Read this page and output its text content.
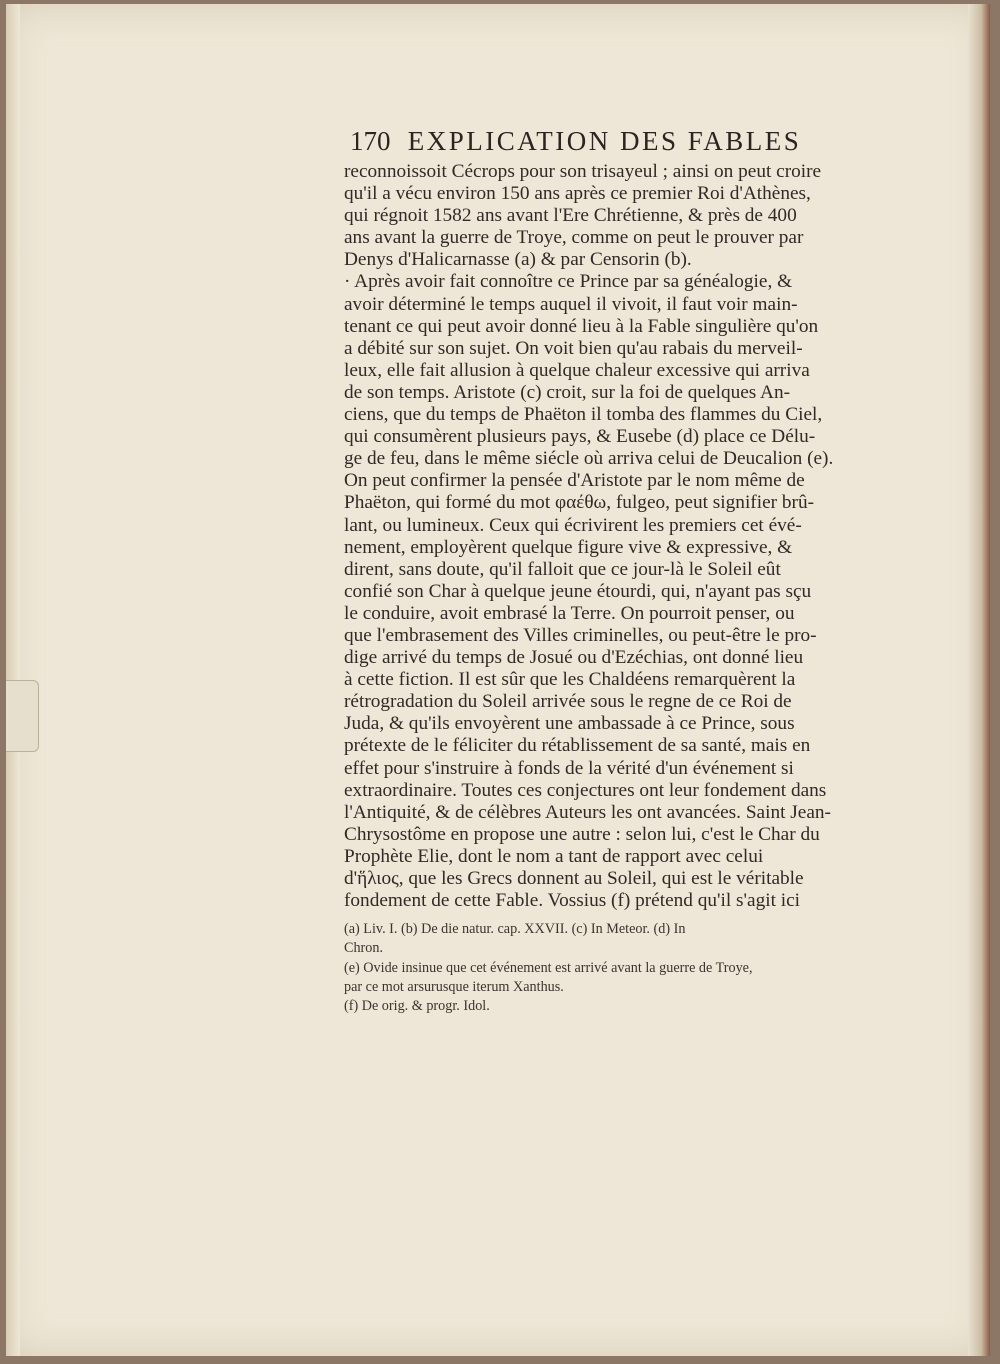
170 EXPLICATION DES FABLES
reconnoissoit Cécrops pour son trisayeul ; ainsi on peut croire
qu'il a vécu environ 150 ans après ce premier Roi d'Athènes,
qui régnoit 1582 ans avant l'Ere Chrétienne, & près de 400
ans avant la guerre de Troye, comme on peut le prouver par
Denys d'Halicarnasse (a) & par Censorin (b).
· Après avoir fait connoître ce Prince par sa généalogie, &
avoir déterminé le temps auquel il vivoit, il faut voir main-
tenant ce qui peut avoir donné lieu à la Fable singulière qu'on
a débité sur son sujet. On voit bien qu'au rabais du merveil-
leux, elle fait allusion à quelque chaleur excessive qui arriva
de son temps. Aristote (c) croit, sur la foi de quelques An-
ciens, que du temps de Phaëton il tomba des flammes du Ciel,
qui consumèrent plusieurs pays, & Eusebe (d) place ce Délu-
ge de feu, dans le même siécle où arriva celui de Deucalion (e).
On peut confirmer la pensée d'Aristote par le nom même de
Phaëton, qui formé du mot φαέθω, fulgeo, peut signifier brû-
lant, ou lumineux. Ceux qui écrivirent les premiers cet évé-
nement, employèrent quelque figure vive & expressive, &
dirent, sans doute, qu'il falloit que ce jour-là le Soleil eût
confié son Char à quelque jeune étourdi, qui, n'ayant pas sçu
le conduire, avoit embrasé la Terre. On pourroit penser, ou
que l'embrasement des Villes criminelles, ou peut-être le pro-
dige arrivé du temps de Josué ou d'Ezéchias, ont donné lieu
à cette fiction. Il est sûr que les Chaldéens remarquèrent la
rétrogradation du Soleil arrivée sous le regne de ce Roi de
Juda, & qu'ils envoyèrent une ambassade à ce Prince, sous
prétexte de le féliciter du rétablissement de sa santé, mais en
effet pour s'instruire à fonds de la vérité d'un événement si
extraordinaire. Toutes ces conjectures ont leur fondement dans
l'Antiquité, & de célèbres Auteurs les ont avancées. Saint Jean-
Chrysostôme en propose une autre : selon lui, c'est le Char du
Prophète Elie, dont le nom a tant de rapport avec celui
d'ἥλιος, que les Grecs donnent au Soleil, qui est le véritable
fondement de cette Fable. Vossius (f) prétend qu'il s'agit ici
(a) Liv. I. (b) De die natur. cap. XXVII. (c) In Meteor. (d) In
Chron.
(e) Ovide insinue que cet événement est arrivé avant la guerre de Troye,
par ce mot arsurusque iterum Xanthus.
(f) De orig. & progr. Idol.
